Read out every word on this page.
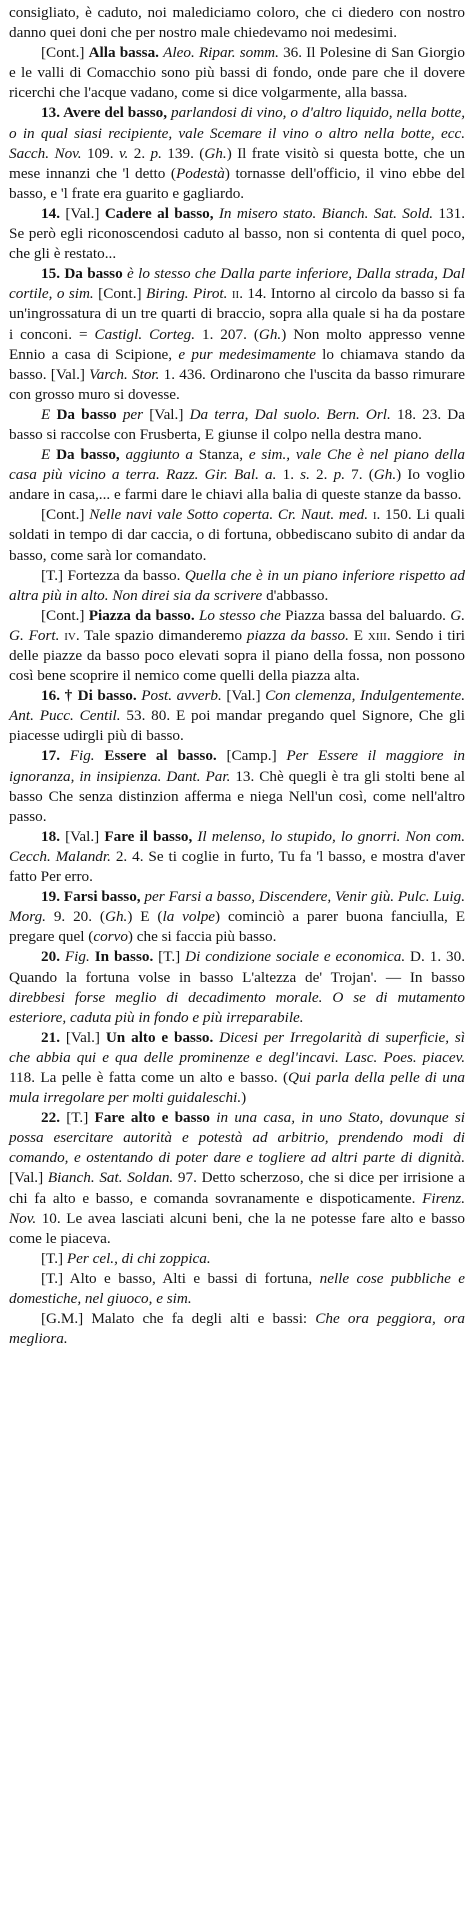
consigliato, è caduto, noi malediciamo coloro, che ci diedero con nostro danno quei doni che per nostro male chiedevamo noi medesimi.

[Cont.] Alla bassa. Aleo. Ripar. somm. 36. Il Polesine di San Giorgio e le valli di Comacchio sono più bassi di fondo, onde pare che il dovere ricerchi che l'acque vadano, come si dice volgarmente, alla bassa.

13. Avere del basso, parlandosi di vino, o d'altro liquido, nella botte, o in qual siasi recipiente, vale Scemare il vino o altro nella botte, ecc. Sacch. Nov. 109. v. 2. p. 139. (Gh.) Il frate visitò si questa botte, che un mese innanzi che 'l detto (Podestà) tornasse dell'officio, il vino ebbe del basso, e 'l frate era guarito e gagliardo.

14. [Val.] Cadere al basso, In misero stato. Bianch. Sat. Sold. 131. Se però egli riconoscendosi caduto al basso, non si contenta di quel poco, che gli è restato...

15. Da basso è lo stesso che Dalla parte inferiore, Dalla strada, Dal cortile, o sim. [Cont.] Biring. Pirot. ii. 14. Intorno al circolo da basso si fa un'ingrossatura di un tre quarti di braccio, sopra alla quale si ha da postare i conconi. = Castigl. Corteg. 1. 207. (Gh.) Non molto appresso venne Ennio a casa di Scipione, e pur medesimamente lo chiamava stando da basso. [Val.] Varch. Stor. 1. 436. Ordinarono che l'uscita da basso rimurare con grosso muro si dovesse.

E Da basso per [Val.] Da terra, Dal suolo. Bern. Orl. 18. 23. Da basso si raccolse con Frusberta, E giunse il colpo nella destra mano.

E Da basso, aggiunto a Stanza, e sim., vale Che è nel piano della casa più vicino a terra. Razz. Gir. Bal. a. 1. s. 2. p. 7. (Gh.) Io voglio andare in casa,... e farmi dare le chiavi alla balia di queste stanze da basso.

[Cont.] Nelle navi vale Sotto coperta. Cr. Naut. med. i. 150. Li quali soldati in tempo di dar caccia, o di fortuna, obbediscano subito di andar da basso, come sarà lor comandato.

[T.] Fortezza da basso. Quella che è in un piano inferiore rispetto ad altra più in alto. Non direi sia da scrivere d'abbasso.

[Cont.] Piazza da basso. Lo stesso che Piazza bassa del baluardo. G. G. Fort. iv. Tale spazio dimanderemo piazza da basso. E xiii. Sendo i tiri delle piazze da basso poco elevati sopra il piano della fossa, non possono così bene scoprire il nemico come quelli della piazza alta.

16. † Di basso. Post. avverb. [Val.] Con clemenza, Indulgentemente. Ant. Pucc. Centil. 53. 80. E poi mandar pregando quel Signore, Che gli piacesse udirgli più di basso.

17. Fig. Essere al basso. [Camp.] Per Essere il maggiore in ignoranza, in insipienza. Dant. Par. 13. Chè quegli è tra gli stolti bene al basso Che senza distinzion afferma e niega Nell'un così, come nell'altro passo.

18. [Val.] Fare il basso, Il melenso, lo stupido, lo gnorri. Non com. Cecch. Malandr. 2. 4. Se ti coglie in furto, Tu fa 'l basso, e mostra d'aver fatto Per erro.

19. Farsi basso, per Farsi a basso, Discendere, Venir giù. Pulc. Luig. Morg. 9. 20. (Gh.) E (la volpe) cominciò a parer buona fanciulla, E pregare quel (corvo) che si faccia più basso.

20. Fig. In basso. [T.] Di condizione sociale e economica. D. 1. 30. Quando la fortuna volse in basso L'altezza de' Trojan'. — In basso direbbesi forse meglio di decadimento morale. O se di mutamento esteriore, caduta più in fondo e più irreparabile.

21. [Val.] Un alto e basso. Dicesi per Irregolarità di superficie, sì che abbia qui e qua delle prominenze e degl'incavi. Lasc. Poes. piacev. 118. La pelle è fatta come un alto e basso. (Qui parla della pelle di una mula irregolare per molti guidaleschi.)

22. [T.] Fare alto e basso in una casa, in uno Stato, dovunque si possa esercitare autorità e potestà ad arbitrio, prendendo modi di comando, e ostentando di poter dare e togliere ad altri parte di dignità. [Val.] Bianch. Sat. Soldan. 97. Detto scherzoso, che si dice per irrisione a chi fa alto e basso, e comanda sovranamente e dispoticamente. Firenz. Nov. 10. Le avea lasciati alcuni beni, che la ne potesse fare alto e basso come le piaceva.

[T.] Per cel., di chi zoppica.

[T.] Alto e basso, Alti e bassi di fortuna, nelle cose pubbliche e domestiche, nel giuoco, e sim.

[G.M.] Malato che fa degli alti e bassi: Che ora peggiora, ora megliora.
